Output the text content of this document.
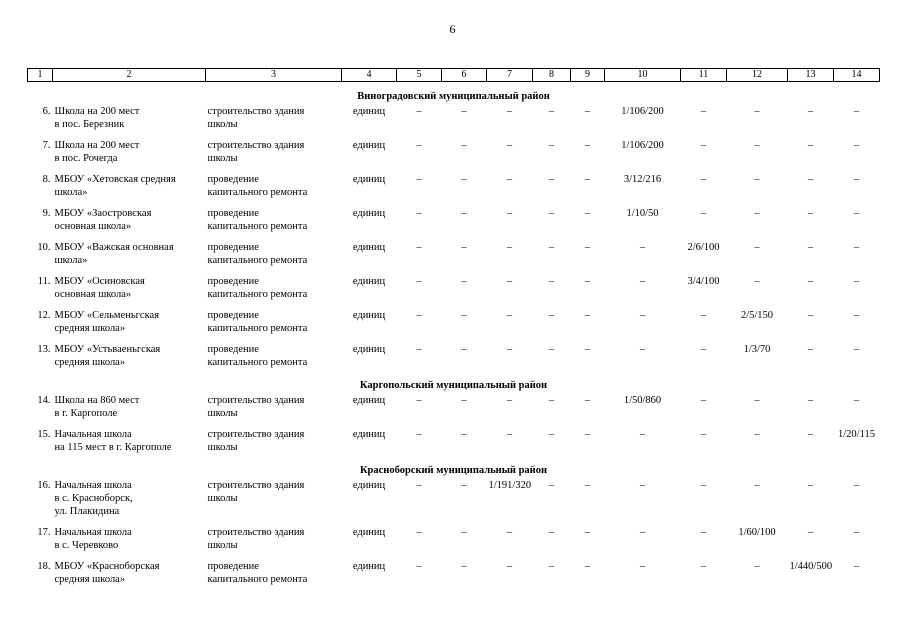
6
1	2	3	4	5	6	7	8	9	10	11	12	13	14

Виноградовский муниципальный район													
6.	Школа на 200 мест
в пос. Березник	строительство здания
школы	единиц	–	–	–	–	–	1/106/200	–	–	–	–
7.	Школа на 200 мест
в пос. Рочегда	строительство здания
школы	единиц	–	–	–	–	–	1/106/200	–	–	–	–
8.	МБОУ «Хетовская средняя
школа»	проведение
капитального ремонта	единиц	–	–	–	–	–	3/12/216	–	–	–	–
9.	МБОУ «Заостровская
основная школа»	проведение
капитального ремонта	единиц	–	–	–	–	–	1/10/50	–	–	–	–
10.	МБОУ «Важская основная
школа»	проведение
капитального ремонта	единиц	–	–	–	–	–	–	2/6/100	–	–	–
11.	МБОУ «Осиновская
основная школа»	проведение
капитального ремонта	единиц	–	–	–	–	–	–	3/4/100	–	–	–
12.	МБОУ «Сельменьгская
средняя школа»	проведение
капитального ремонта	единиц	–	–	–	–	–	–	–	2/5/150	–	–
13.	МБОУ «Устьваеньгская
средняя школа»	проведение
капитального ремонта	единиц	–	–	–	–	–	–	–	1/3/70	–	–
Каргопольский муниципальный район													
14.	Школа на 860 мест
в г. Каргополе	строительство здания
школы	единиц	–	–	–	–	–	1/50/860	–	–	–	–
15.	Начальная школа
на 115 мест в г. Каргополе	строительство здания
школы	единиц	–	–	–	–	–	–	–	–	–	1/20/115
Красноборский муниципальный район													
16.	Начальная школа
в с. Красноборск,
ул. Плакидина	строительство здания
школы	единиц	–	–	1/191/320	–	–	–	–	–	–	–
17.	Начальная школа
в с. Черевково	строительство здания
школы	единиц	–	–	–	–	–	–	–	1/60/100	–	–
18.	МБОУ «Красноборская
средняя школа»	проведение
капитального ремонта	единиц	–	–	–	–	–	–	–	–	1/440/500	–
